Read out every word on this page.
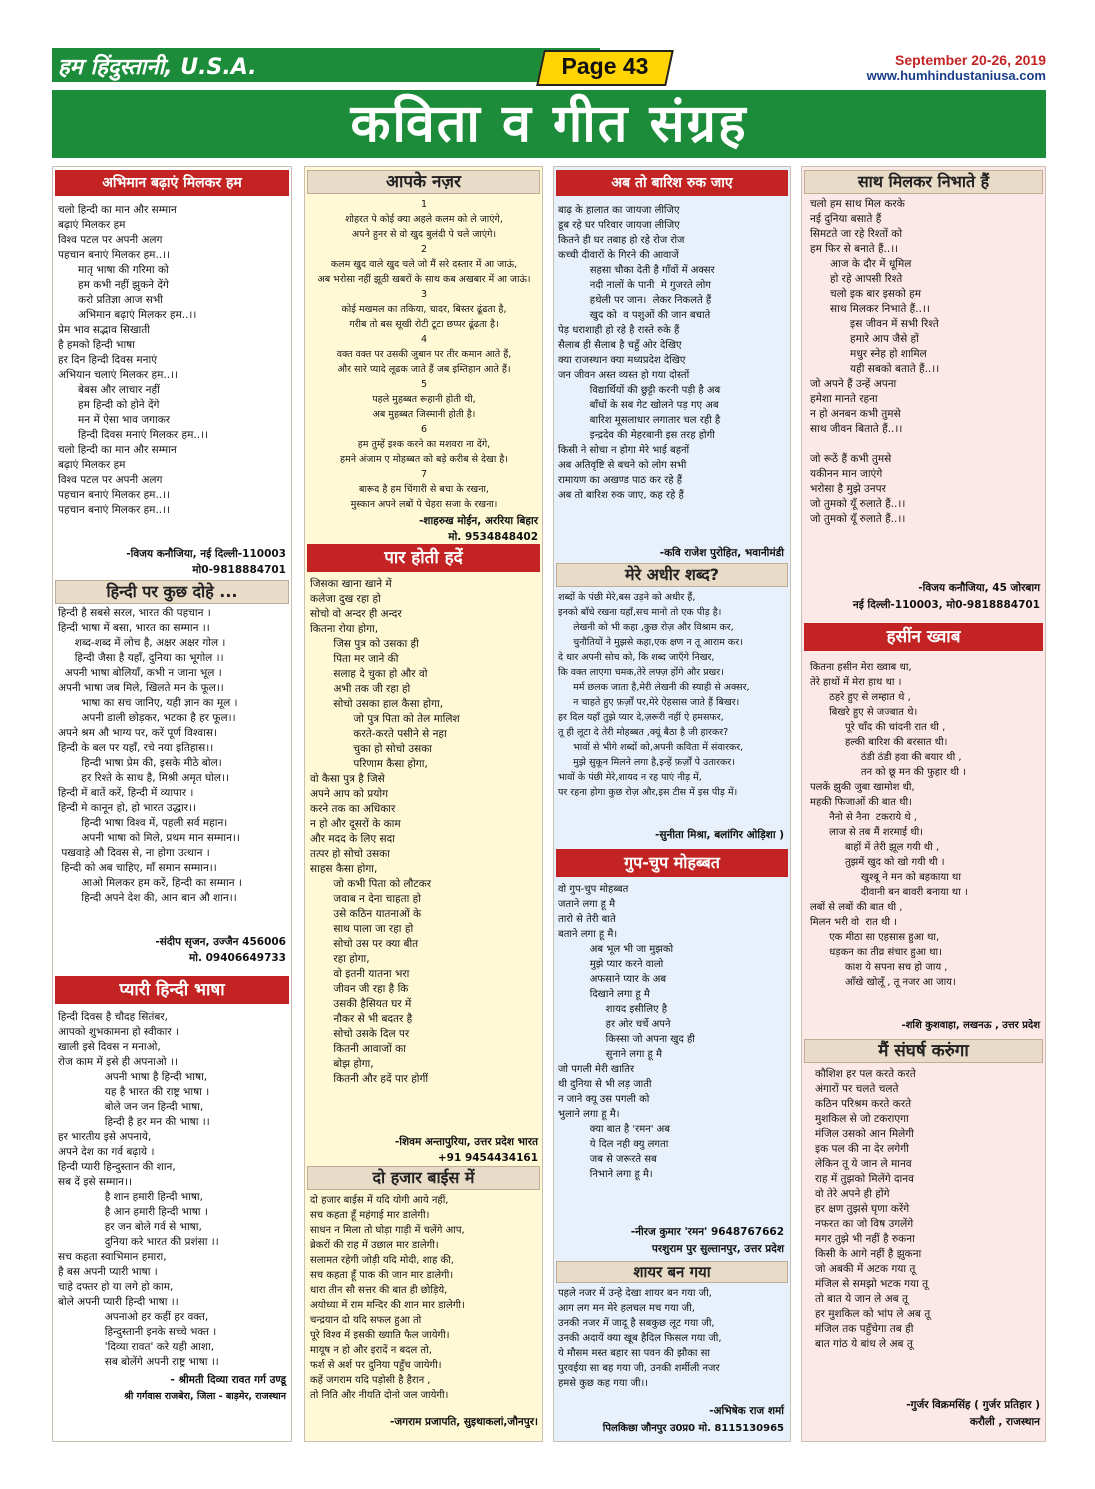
हम हिंदुस्तानी, U.S.A.	Page 43	September 20-26, 2019
www.humhindustaniusa.com
कविता व गीत संग्रह
अभिमान बढ़ाएं मिलकर हम
चलो हिन्दी का मान और सम्मान
बढ़ाएं मिलकर हम
विश्व पटल पर अपनी अलग
पहचान बनाएं मिलकर हम..।।
मातृ भाषा की गरिमा को
हम कभी नहीं झुकने देंगे
करो प्रतिज्ञा आज सभी
अभिमान बढ़ाएं मिलकर हम..।।
प्रेम भाव सद्भाव सिखाती
है हमको हिन्दी भाषा
हर दिन हिन्दी दिवस मनाएं
अभियान चलाएं मिलकर हम..।।
बेबस और लाचार नहीं
हम हिन्दी को होने देंगे
मन में ऐसा भाव जगाकर
हिन्दी दिवस मनाएं मिलकर हम..।।
चलो हिन्दी का मान और सम्मान
बढ़ाएं मिलकर हम
विश्व पटल पर अपनी अलग
पहचान बनाएं मिलकर हम..।।
पहचान बनाएं मिलकर हम..।।
-विजय कनौजिया, नई दिल्ली-110003
मो0-9818884701
हिन्दी पर कुछ दोहे ...
हिन्दी है सबसे सरल, भारत की पहचान ।
हिन्दी भाषा में बसा, भारत का सम्मान ।।
शब्द-शब्द में लोच है, अक्षर अक्षर गोल ।
हिन्दी जैसा है यहाँ, दुनिया का भूगोल ।।
अपनी भाषा बोलियाँ, कभी न जाना भूल ।
अपनी भाषा जब मिले, खिलते मन के फूल।।
भाषा का सच जानिए, यही ज्ञान का मूल ।
अपनी डाली छोड़कर, भटका है हर फूल।।
अपने श्रम औ भाग्य पर, करें पूर्ण विश्वास।
हिन्दी के बल पर यहाँ, रचे नया इतिहास।।
हिन्दी भाषा प्रेम की, इसके मीठे बोल।
हर रिश्ते के साथ है, मिश्री अमृत घोल।।
हिन्दी में बातें करें, हिन्दी में व्यापार ।
हिन्दी मे कानून हो, हो भारत उद्धार।।
हिन्दी भाषा विश्व में, पहली सर्व महान।
अपनी भाषा को मिले, प्रथम मान सम्मान।।
पखवाड़े औ दिवस से, ना होगा उत्थान ।
हिन्दी को अब चाहिए, माँ समान सम्मान।।
आओ मिलकर हम करें, हिन्दी का सम्मान ।
हिन्दी अपने देश की, आन बान औ शान।।
-संदीप सृजन, उज्जैन 456006
मो. 09406649733
प्यारी हिन्दी भाषा
हिन्दी दिवस है चौदह सितंबर,
आपको शुभकामना हो स्वीकार ।
खाली इसे दिवस न मनाओ,
रोज काम में इसे ही अपनाओ ।।
अपनी भाषा है हिन्दी भाषा,
यह है भारत की राष्ट्र भाषा ।
बोले जन जन हिन्दी भाषा,
हिन्दी है हर मन की भाषा ।।
हर भारतीय इसे अपनाये,
अपने देश का गर्व बढ़ाये ।
हिन्दी प्यारी हिन्दुस्तान की शान,
सब दें इसे सम्मान।।
है शान हमारी हिन्दी भाषा,
है आन हमारी हिन्दी भाषा ।
हर जन बोले गर्व से भाषा,
दुनिया करे भारत की प्रशंसा ।।
सच कहता स्वाभिमान हमारा,
है बस अपनी प्यारी भाषा ।
चाहे दफ्तर हो या लगे हो काम,
बोले अपनी प्यारी हिन्दी भाषा ।।
अपनाओ हर कहीं हर वक्त,
हिन्दुस्तानी इनके सच्चे भक्त ।
'दिव्या रावत' करे यही आशा,
सब बोलेंगे अपनी राष्ट्र भाषा ।।
- श्रीमती दिव्या रावत गर्ग उण्डू
श्री गर्गवास राजबेरा, जिला - बाड़मेर, राजस्थान
आपके नज़र
1
शोहरत पे कोई क्या अहले कलम को ले जाएंगे,
अपने हुनर से वो खुद बुलंदी पे चले जाएंगे।
2
कलम खुद वाले खुद चले जो मैं सरे दस्तार में आ जाऊं,
अब भरोसा नहीं झूठी खबरों के साथ कब अखबार में आ जाऊं।
3
कोई मखमल का तकिया, चादर, बिस्तर ढूंढता है,
गरीब तो बस सूखी रोटी टूटा छप्पर ढूंढता है।
4
वक्त वक्त पर उसकी जुबान पर तीर कमान आते हैं,
और सारे प्यादे लूढक जाते हैं जब इम्तिहान आते हैं।
5
पहले मुहब्बत रूहानी होती थी,
अब मुहब्बत जिस्मानी होती है।
6
हम तुम्हें इश्क करने का मशवरा ना देंगे,
हमने अंजाम ए मोहब्बत को बड़े करीब से देखा है।
7
बारूद है हम चिंगारी से बचा के रखना,
मुस्कान अपने लबों पे चेहरा सजा के रखना।
-शाहरुख मोईन, अररिया बिहार
मो. 9534848402
पार होती हदें
जिसका खाना खाने में
कलेजा दुख रहा हो
सोचो वो अन्दर ही अन्दर
कितना रोया होगा,
जिस पुत्र को उसका ही
पिता मर जाने की
सलाह दे चुका हो और वो
अभी तक जी रहा हो
सोचो उसका हाल कैसा होगा,
जो पुत्र पिता को तेल मालिश
करते-करते पसीने से नहा
चुका हो सोचो उसका
परिणाम कैसा होगा,
वो कैसा पुत्र है जिसे
अपने आप को प्रयोग
करने तक का अधिकार
न हो और दूसरों के काम
और मदद के लिए सदा
तत्पर हो सोचो उसका
साहस कैसा होगा,
जो कभी पिता को लौटकर
जवाब न देना चाहता हो
उसे कठिन यातनाओं के
साथ पाला जा रहा हो
सोचो उस पर क्या बीत
रहा होगा,
वो इतनी यातना भरा
जीवन जी रहा है कि
उसकी हैसियत घर में
नौकर से भी बदतर है
सोचो उसके दिल पर
कितनी आवाजों का
बोझ होगा,
कितनी और हदें पार होगीं
-शिवम अन्तापुरिया, उत्तर प्रदेश भारत
+91 9454434161
दो हजार बाईस में
दो हजार बाईस में यदि योगी आये नहीं,
सच कहता हूँ महंगाई मार डालेगी।
साधन न मिला तो घोड़ा गाड़ी में चलेंगे आप,
ब्रेकरों की राह में उछाल मार डालेगी।
सलामत रहेगी जोड़ी यदि मोदी, शाह की,
सच कहता हूँ पाक की जान मार डालेगी।
धारा तीन सौ सत्तर की बात ही छोड़िये,
अयोध्या में राम मन्दिर की शान मार डालेगी।
चन्द्रयान दो यदि सफल हुआ तो
पूरे विश्व में इसकी ख्याति फैल जायेगी।
मायूष न हो और इरादें न बदल तो,
फर्श से अर्श पर दुनिया पहुँच जायेगी।
कहें जगराम यदि पड़ोसी है हैरान ,
तो निति और नीयति दोनो जल जायेगी।
-जगराम प्रजापति, सुइथाकलां,जौनपुर।
अब तो बारिश रुक जाए
बाढ़ के हालात का जायजा लीजिए
डूब रहे घर परिवार जायजा लीजिए
कितने ही घर तबाह हो रहे रोज रोज
कच्ची दीवारों के गिरने की आवाजें
सहसा चौका देती है गाँवों में अक्सर
नदी नालों के पानी  मे गुजरते लोग
हथेली पर जान।  लेकर निकलते हैं
खुद को  व पशुओं की जान बचाते
पेड़ धराशाही हो रहे है रास्ते रुके हैं
सैलाब ही सैलाब है चहुँ ओर देखिए
क्या राजस्थान क्या मध्यप्रदेश देखिए
जन जीवन अस्त व्यस्त हो गया दोस्तों
विद्यार्थियों की छुट्टी करनी पड़ी है अब
बाँधों के सब गेट खोलने पड़ गए अब
बारिश मूसलाधार लगातार चल रही है
इन्द्रदेव की मेहरबानी इस तरह होगी
किसी ने सोचा न होगा मेरे भाई बहनों
अब अतिवृष्टि से बचने को लोग सभी
रामायण का अखण्ड पाठ कर रहे हैं
अब तो बारिश रुक जाए, कह रहे हैं
-कवि राजेश पुरोहित, भवानीमंडी
मेरे अधीर शब्द?
शब्दों के पंछी मेरे,बस उड़ने को अधीर हैं,
इनको बाँधे रखना यहाँ,सच मानो तो एक पीड़ है।
लेखनी को भी कहा ,कुछ रोज़ और विश्राम कर,
चुनौतियों ने मुझसे कहा,एक क्षण न तू आराम कर।
दे धार अपनी सोच को, कि शब्द जाएँगे निखर,
कि वक्त लाएगा चमक,तेरे लफ्ज़ होंगे और प्रखर।
मर्म छलक जाता है,मेरी लेखनी की स्याही से अक्सर,
न चाहते हुए फ़र्ज़ों पर,मेरे ऐहसास जाते हैं बिखर।
हर दिल यहाँ तुझे प्यार दे,ज़रूरी नहीं ऐ हमसफर,
तू ही लूटा दे तेरी मोहब्बत ,क्यूं बैठा है जी हारकर?
भावों से भीगे शब्दों को,अपनी कविता में संवारकर,
मुझे सुकून मिलने लगा है,इन्हें फ़र्ज़ों पे उतारकर।
भावों के पंछी मेरे,शायद न रह पाएं नीड़ में,
पर रहना होगा कुछ रोज़ और,इस टीस में इस पीड़ में।
-सुनीता मिश्रा, बलांगिर ओड़िशा )
गुप-चुप मोहब्बत
वो गुप-चुप मोहब्बत
जताने लगा हू मै
तारो से तेरी बाते
बताने लगा हू मै।
अब भूल भी जा मुझको
मुझे प्यार करने वालो
अफसाने प्यार के अब
दिखाने लगा हू मै
शायद इसीलिए है
हर ओर चर्चे अपने
किस्सा जो अपना खुद ही
सुनाने लगा हू मै
जो पगली मेरी खातिर
थी दुनिया से भी लड़ जाती
न जाने क्यू उस पगली को
भुलाने लगा हू मै।
क्या बात है 'रमन' अब
ये दिल नही क्यु लगता
जब से जरूरते सब
निभाने लगा हू मै।
-नीरज कुमार 'रमन' 9648767662
परशुराम पुर सुल्तानपुर, उत्तर प्रदेश
शायर बन गया
पहले नजर में उन्हे देखा शायर बन गया जी,
आग लग मन मेरे हलचल मच गया जी,
उनकी नजर में जादू है सबकुछ लूट गया जी,
उनकी अदायें क्या खूब हैदिल फिसल गया जी,
ये मौसम मस्त बहार सा पवन की झौका सा
पुरवईया सा बह गया जी, उनकी शर्मीली नजर
हमसे कुछ कह गया जी।।
-अभिषेक राज शर्मा
पिलकिछा जौनपुर उ0प्र0 मो. 8115130965
साथ मिलकर निभाते हैं
चलो हम साथ मिल करके
नई दुनिया बसाते हैं
सिमटते जा रहे रिश्तों को
हम फिर से बनाते हैं..।।
आज के दौर में धूमिल
हो रहे आपसी रिश्ते
चलो इक बार इसको हम
साथ मिलकर निभाते हैं..।।
इस जीवन में सभी रिश्ते
हमारे आप जैसे हों
मधुर स्नेह हो शामिल
यही सबको बताते हैं..।।
जो अपने हैं उन्हें अपना
हमेशा मानते रहना
न हो अनबन कभी तुमसे
साथ जीवन बिताते हैं..।।
जो रूठें हैं कभी तुमसे
यकीनन मान जाएंगे
भरोसा है मुझे उनपर
जो तुमको यूँ रुलाते हैं..।।
जो तुमको यूँ रुलाते हैं..।।
-विजय कनौजिया, 45 जोरबाग
नई दिल्ली-110003, मो0-9818884701
हसींन ख्वाब
कितना हसीन मेरा ख्वाब था,
तेरे हाथों में मेरा हाथ था ।
ठहरे हुए से लम्हात थे ,
बिखरे हुए से जज्बात थे।
पूरे चाँद की चांदनी रात थी ,
हल्की बारिश की बरसात थी।
ठंडी ठंडी हवा की बयार थी ,
तन को छू मन की फुहार थी ।
पलकें झुकी जुबा खामोश थी,
महकी फिजाओं की बात थी।
नैनो से नैना  टकराये थे ,
लाज से तब मैं शरमाई थी।
बाहों में तेरी झूल गयी थी ,
तुझमें खुद को खो गयी थी ।
खुश्बू ने मन को बहकाया था
दीवानी बन बावरी बनाया था ।
लबों से लबों की बात थी ,
मिलन भरी वो  रात थी ।
एक मीठा सा एहसास हुआ था,
धड़कन का तीव्र संचार हुआ था।
काश ये सपना सच हो जाय ,
आँखे खोलूँ , तू नजर आ जाय।
-शशि कुशवाहा, लखनऊ , उत्तर प्रदेश
मैं संघर्ष करुंगा
कौशिश हर पल करते करते
अंगारों पर चलते चलते
कठिन परिश्रम करते करते
मुशकिल से जो टकराएगा
मंजिल उसको आन मिलेगी
इक पल की ना देर लगेगी
लेकिन तू ये जान ले मानव
राह में तुझको मिलेंगे दानव
वो तेरे अपने ही होंगे
हर क्षण तुझसे घृणा करेंगे
नफरत का जो विष उगलेंगे
मगर तुझे भी नहीं है रुकना
किसी के आगे नहीं है झुकना
जो अबकी में अटक गया तू
मंजिल से समझो भटक गया तू
तो बात ये जान ले अब तू
हर मुशकिल को भांप ले अब तू
मंजिल तक पहुँचेगा तब ही
बात गांठ ये बांध ले अब तू
-गुर्जर विक्रमसिंह ( गुर्जर प्रतिहार )
करौली , राजस्थान
